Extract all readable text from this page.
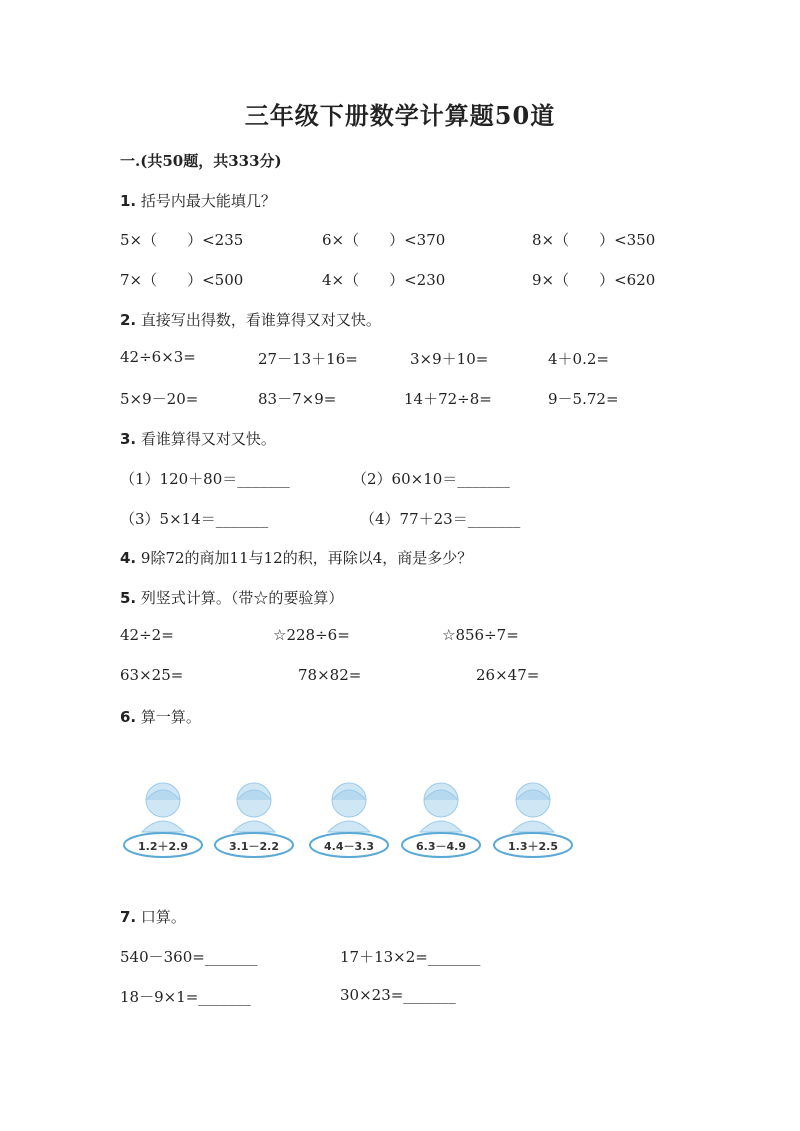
三年级下册数学计算题50道
一.(共50题，共333分)
1. 括号内最大能填几？
5×（　　）<235	6×（　　）<370	8×（　　）<350
7×（　　）<500	4×（　　）<230	9×（　　）<620
2. 直接写出得数，看谁算得又对又快。
42÷6×3=	27－13＋16=	3×9＋10=	4＋0.2=
5×9－20=	83－7×9=	14＋72÷8=	9－5.72=
3. 看谁算得又对又快。
（1）120＋80＝_______	（2）60×10＝_______
（3）5×14＝_______	（4）77＋23＝_______
4. 9除72的商加11与12的积，再除以4，商是多少？
5. 列竖式计算。（带☆的要验算）
42÷2=	☆228÷6=	☆856÷7=
63×25=	78×82=	26×47=
6. 算一算。
1.2＋2.9	3.1－2.2	4.4－3.3	6.3－4.9	1.3＋2.5
7. 口算。
540－360=_______	17＋13×2=_______
18－9×1=_______	30×23=_______
